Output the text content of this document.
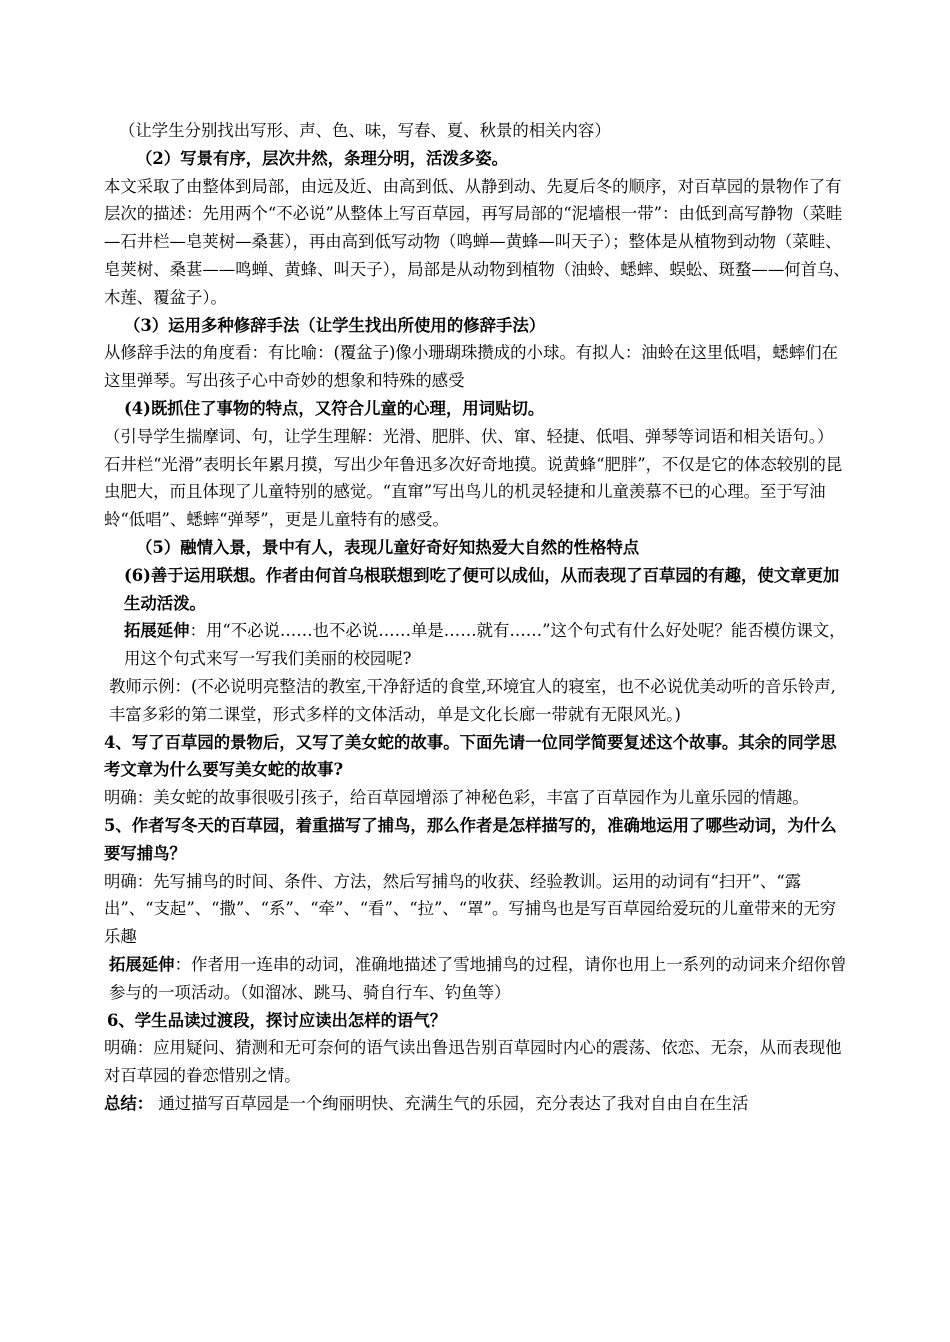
（让学生分别找出写形、声、色、味，写春、夏、秋景的相关内容）

（2）写景有序，层次井然，条理分明，活泼多姿。

本文采取了由整体到局部，由远及近、由高到低、从静到动、先夏后冬的顺序，对百草园的景物作了有层次的描述：先用两个“不必说”从整体上写百草园，再写局部的“泥墙根一带”：由低到高写静物（菜畦—石井栏—皂荚树—桑葚），再由高到低写动物（鸣蝉—黄蜂—叫天子）；整体是从植物到动物（菜畦、皂荚树、桑葚——鸣蝉、黄蜂、叫天子），局部是从动物到植物（油蛉、蟋蟀、蜈蚣、斑蝥——何首乌、木莲、覆盆子）。

（3）运用多种修辞手法（让学生找出所使用的修辞手法）

从修辞手法的角度看：有比喻：(覆盆子)像小珊瑚珠攒成的小球。有拟人：油蛉在这里低唱，蟋蟀们在这里弹琴。写出孩子心中奇妙的想象和特殊的感受

(4)既抓住了事物的特点，又符合儿童的心理，用词贴切。

（引导学生揣摩词、句，让学生理解：光滑、肥胖、伏、窜、轻捷、低唱、弹琴等词语和相关语句。）

石井栏“光滑”表明长年累月摸，写出少年鲁迅多次好奇地摸。说黄蜂“肥胖”，不仅是它的体态较别的昆虫肥大，而且体现了儿童特别的感觉。“直窜”写出鸟儿的机灵轻捷和儿童羡慕不已的心理。至于写油蛉“低唱”、蟋蟀“弹琴”，更是儿童特有的感受。

（5）融情入景，景中有人，表现儿童好奇好知热爱大自然的性格特点

(6)善于运用联想。作者由何首乌根联想到吃了便可以成仙，从而表现了百草园的有趣，使文章更加生动活泼。

拓展延伸：用“不必说……也不必说……单是……就有……”这个句式有什么好处呢？能否模仿课文，用这个句式来写一写我们美丽的校园呢?

教师示例：(不必说明亮整洁的教室,干净舒适的食堂,环境宜人的寝室，也不必说优美动听的音乐铃声,丰富多彩的第二课堂，形式多样的文体活动，单是文化长廊一带就有无限风光。)

4、写了百草园的景物后，又写了美女蛇的故事。下面先请一位同学简要复述这个故事。其余的同学思考文章为什么要写美女蛇的故事?

明确：美女蛇的故事很吸引孩子，给百草园增添了神秘色彩，丰富了百草园作为儿童乐园的情趣。

5、作者写冬天的百草园，着重描写了捕鸟，那么作者是怎样描写的，准确地运用了哪些动词，为什么要写捕鸟？

明确：先写捕鸟的时间、条件、方法，然后写捕鸟的收获、经验教训。运用的动词有“扫开”、“露出”、“支起”、“撒”、“系”、“牵”、“看”、“拉”、“罩”。写捕鸟也是写百草园给爱玩的儿童带来的无穷乐趣

拓展延伸：作者用一连串的动词，准确地描述了雪地捕鸟的过程，请你也用上一系列的动词来介绍你曾参与的一项活动。（如溜冰、跳马、骑自行车、钓鱼等）

6、学生品读过渡段，探讨应读出怎样的语气？

明确：应用疑问、猜测和无可奈何的语气读出鲁迅告别百草园时内心的震荡、依恋、无奈，从而表现他对百草园的眷恋惜别之情。

总结： 通过描写百草园是一个绚丽明快、充满生气的乐园，充分表达了我对自由自在生活
